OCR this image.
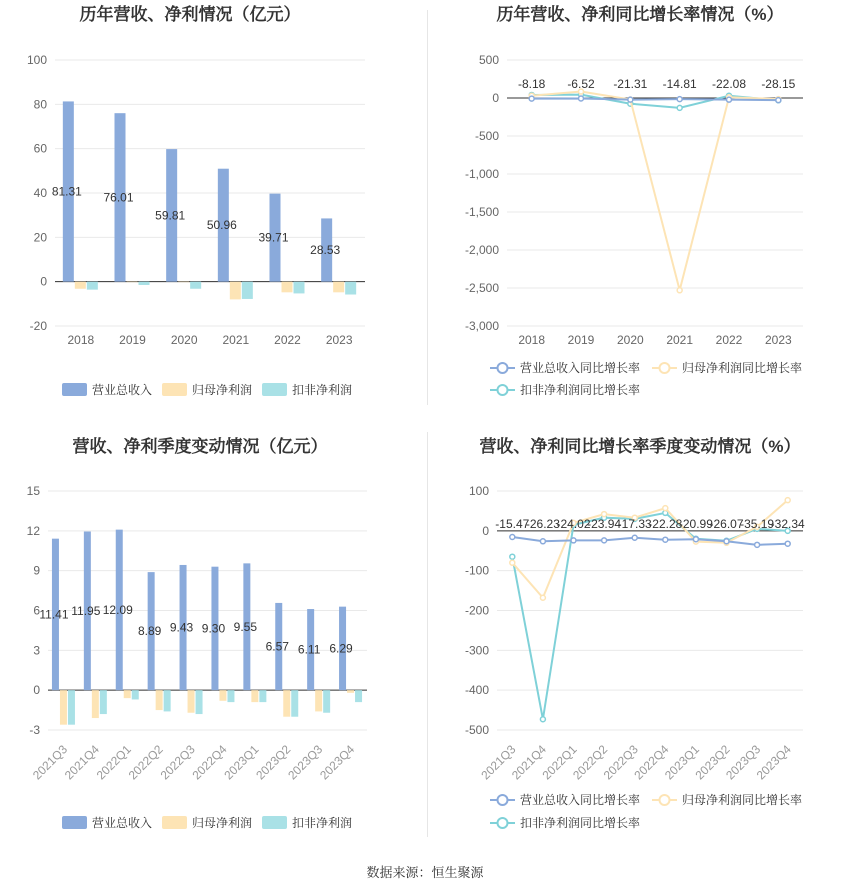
历年营收、净利情况（亿元）
100
80
60
40
20
0
-20
81.31
2018
76.01
2019
59.81
2020
50.96
2021
39.71
2022
28.53
2023
营业总收入	归母净利润	扣非净利润
历年营收、净利同比增长率情况（%）
500
0
-500
-1,000
-1,500
-2,000
-2,500
-3,000
-8.18 -6.52 -21.31 -14.81 -22.08 -28.15
2018 2019 2020 2021 2022 2023
营业总收入同比增长率	归母净利润同比增长率
扣非净利润同比增长率
营收、净利季度变动情况（亿元）
15
12
9
6
3
0
-3
11.41
2021Q3
11.95
2021Q4
12.09
2022Q1
8.89
2022Q2
9.43
2022Q3
9.30
2022Q4
9.55
2023Q1
6.57
2023Q2
6.11
2023Q3
6.29
2023Q4
营业总收入	归母净利润	扣非净利润
营收、净利同比增长率季度变动情况（%）
100
0
-100
-200
-300
-400
-500
-15.47
-26.23
-24.02
-23.94
-17.33
-22.28
-20.99
-26.07
-35.19
-32.34
2021Q3
2021Q4
2022Q1
2022Q2
2022Q3
2022Q4
2023Q1
2023Q2
2023Q3
2023Q4
营业总收入同比增长率	归母净利润同比增长率
扣非净利润同比增长率
数据来源：恒生聚源
